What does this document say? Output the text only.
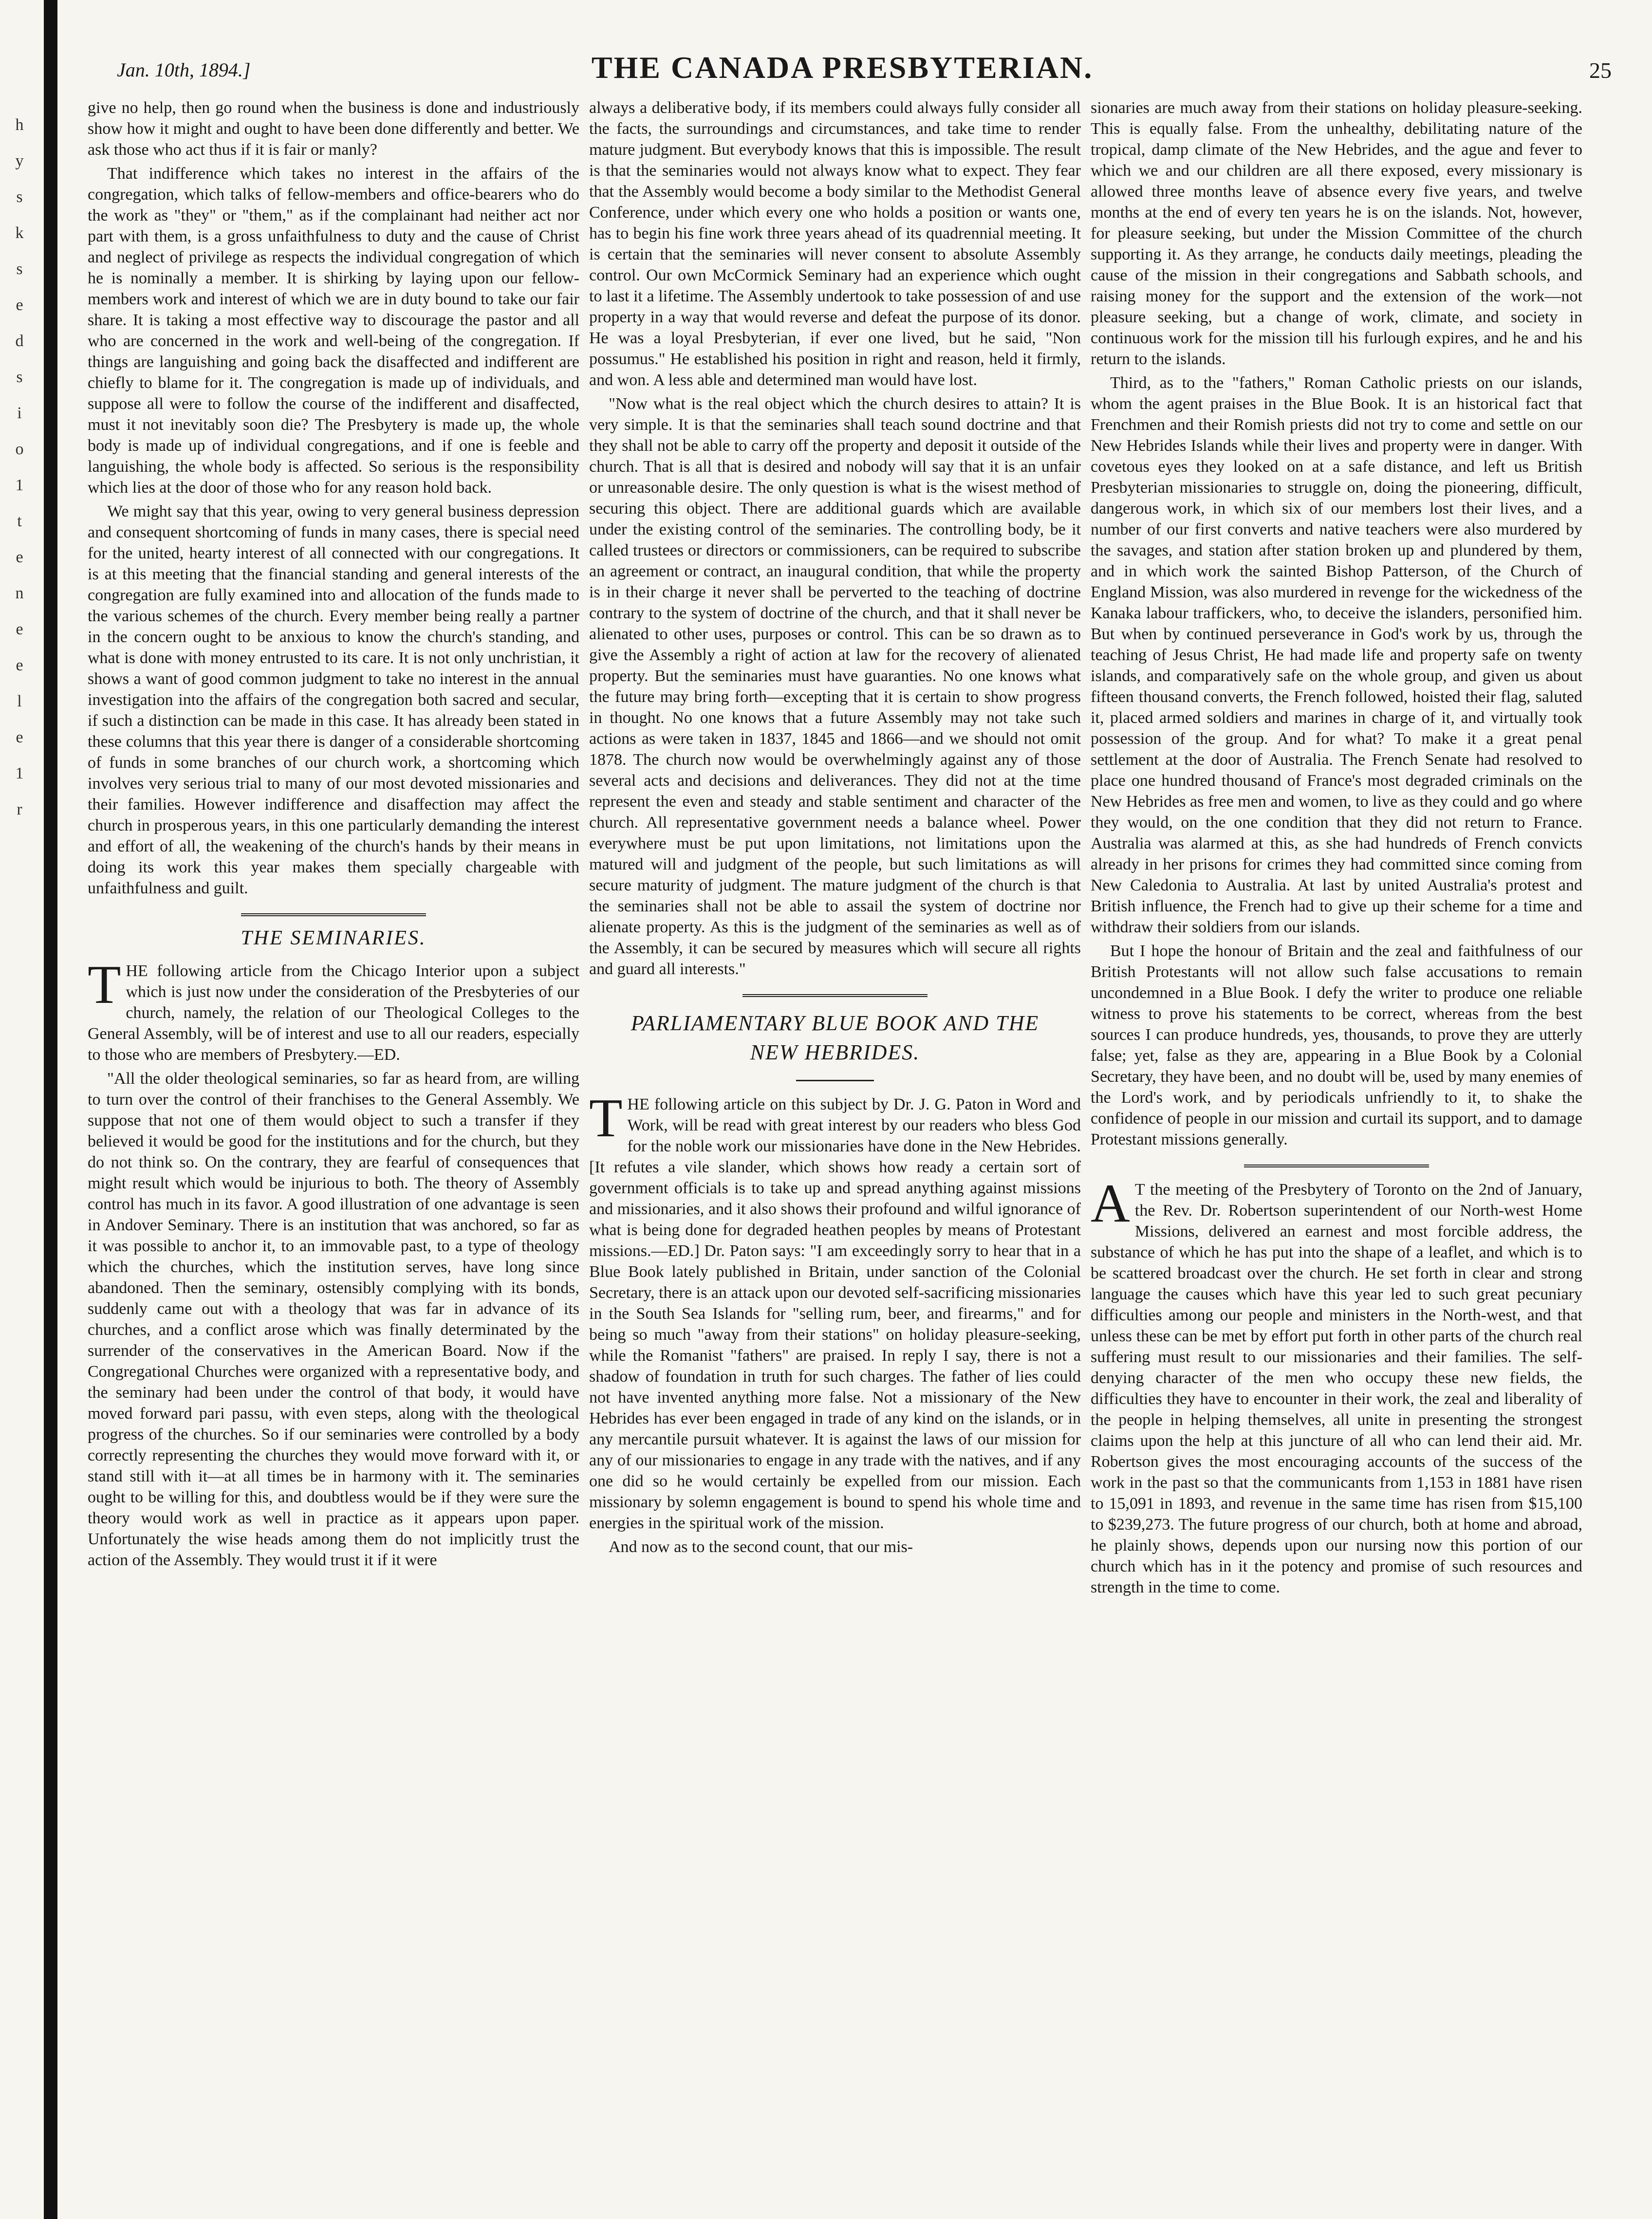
h
y
s
k
s
e
d
s
i
o
1
t
e
n
e
e
l
e
1
r
Jan. 10th, 1894.]	THE CANADA PRESBYTERIAN.	25

give no help, then go round when the business is done and industriously show how it might and ought to have been done differently and better. We ask those who act thus if it is fair or manly?

That indifference which takes no interest in the affairs of the congregation, which talks of fellow-members and office-bearers who do the work as "they" or "them," as if the complainant had neither act nor part with them, is a gross unfaithfulness to duty and the cause of Christ and neglect of privilege as respects the individual congregation of which he is nominally a member. It is shirking by laying upon our fellow-members work and interest of which we are in duty bound to take our fair share. It is taking a most effective way to discourage the pastor and all who are concerned in the work and well-being of the congregation. If things are languishing and going back the disaffected and indifferent are chiefly to blame for it. The congregation is made up of individuals, and suppose all were to follow the course of the indifferent and disaffected, must it not inevitably soon die? The Presbytery is made up, the whole body is made up of individual congregations, and if one is feeble and languishing, the whole body is affected. So serious is the responsibility which lies at the door of those who for any reason hold back.

We might say that this year, owing to very general business depression and consequent shortcoming of funds in many cases, there is special need for the united, hearty interest of all connected with our congregations. It is at this meeting that the financial standing and general interests of the congregation are fully examined into and allocation of the funds made to the various schemes of the church. Every member being really a partner in the concern ought to be anxious to know the church's standing, and what is done with money entrusted to its care. It is not only unchristian, it shows a want of good common judgment to take no interest in the annual investigation into the affairs of the congregation both sacred and secular, if such a distinction can be made in this case. It has already been stated in these columns that this year there is danger of a considerable shortcoming of funds in some branches of our church work, a shortcoming which involves very serious trial to many of our most devoted missionaries and their families. However indifference and disaffection may affect the church in prosperous years, in this one particularly demanding the interest and effort of all, the weakening of the church's hands by their means in doing its work this year makes them specially chargeable with unfaithfulness and guilt.

THE SEMINARIES.

THE following article from the Chicago Interior upon a subject which is just now under the consideration of the Presbyteries of our church, namely, the relation of our Theological Colleges to the General Assembly, will be of interest and use to all our readers, especially to those who are members of Presbytery.—ED.

"All the older theological seminaries, so far as heard from, are willing to turn over the control of their franchises to the General Assembly. We suppose that not one of them would object to such a transfer if they believed it would be good for the institutions and for the church, but they do not think so. On the contrary, they are fearful of consequences that might result which would be injurious to both. The theory of Assembly control has much in its favor. A good illustration of one advantage is seen in Andover Seminary. There is an institution that was anchored, so far as it was possible to anchor it, to an immovable past, to a type of theology which the churches, which the institution serves, have long since abandoned. Then the seminary, ostensibly complying with its bonds, suddenly came out with a theology that was far in advance of its churches, and a conflict arose which was finally determinated by the surrender of the conservatives in the American Board. Now if the Congregational Churches were organized with a representative body, and the seminary had been under the control of that body, it would have moved forward pari passu, with even steps, along with the theological progress of the churches. So if our seminaries were controlled by a body correctly representing the churches they would move forward with it, or stand still with it—at all times be in harmony with it. The seminaries ought to be willing for this, and doubtless would be if they were sure the theory would work as well in practice as it appears upon paper. Unfortunately the wise heads among them do not implicitly trust the action of the Assembly. They would trust it if it were

always a deliberative body, if its members could always fully consider all the facts, the surroundings and circumstances, and take time to render mature judgment. But everybody knows that this is impossible. The result is that the seminaries would not always know what to expect. They fear that the Assembly would become a body similar to the Methodist General Conference, under which every one who holds a position or wants one, has to begin his fine work three years ahead of its quadrennial meeting. It is certain that the seminaries will never consent to absolute Assembly control. Our own McCormick Seminary had an experience which ought to last it a lifetime. The Assembly undertook to take possession of and use property in a way that would reverse and defeat the purpose of its donor. He was a loyal Presbyterian, if ever one lived, but he said, "Non possumus." He established his position in right and reason, held it firmly, and won. A less able and determined man would have lost.

"Now what is the real object which the church desires to attain? It is very simple. It is that the seminaries shall teach sound doctrine and that they shall not be able to carry off the property and deposit it outside of the church. That is all that is desired and nobody will say that it is an unfair or unreasonable desire. The only question is what is the wisest method of securing this object. There are additional guards which are available under the existing control of the seminaries. The controlling body, be it called trustees or directors or commissioners, can be required to subscribe an agreement or contract, an inaugural condition, that while the property is in their charge it never shall be perverted to the teaching of doctrine contrary to the system of doctrine of the church, and that it shall never be alienated to other uses, purposes or control. This can be so drawn as to give the Assembly a right of action at law for the recovery of alienated property. But the seminaries must have guaranties. No one knows what the future may bring forth—excepting that it is certain to show progress in thought. No one knows that a future Assembly may not take such actions as were taken in 1837, 1845 and 1866—and we should not omit 1878. The church now would be overwhelmingly against any of those several acts and decisions and deliverances. They did not at the time represent the even and steady and stable sentiment and character of the church. All representative government needs a balance wheel. Power everywhere must be put upon limitations, not limitations upon the matured will and judgment of the people, but such limitations as will secure maturity of judgment. The mature judgment of the church is that the seminaries shall not be able to assail the system of doctrine nor alienate property. As this is the judgment of the seminaries as well as of the Assembly, it can be secured by measures which will secure all rights and guard all interests."

PARLIAMENTARY BLUE BOOK AND THE NEW HEBRIDES.

THE following article on this subject by Dr. J. G. Paton in Word and Work, will be read with great interest by our readers who bless God for the noble work our missionaries have done in the New Hebrides. [It refutes a vile slander, which shows how ready a certain sort of government officials is to take up and spread anything against missions and missionaries, and it also shows their profound and wilful ignorance of what is being done for degraded heathen peoples by means of Protestant missions.—ED.] Dr. Paton says: "I am exceedingly sorry to hear that in a Blue Book lately published in Britain, under sanction of the Colonial Secretary, there is an attack upon our devoted self-sacrificing missionaries in the South Sea Islands for "selling rum, beer, and firearms," and for being so much "away from their stations" on holiday pleasure-seeking, while the Romanist "fathers" are praised. In reply I say, there is not a shadow of foundation in truth for such charges. The father of lies could not have invented anything more false. Not a missionary of the New Hebrides has ever been engaged in trade of any kind on the islands, or in any mercantile pursuit whatever. It is against the laws of our mission for any of our missionaries to engage in any trade with the natives, and if any one did so he would certainly be expelled from our mission. Each missionary by solemn engagement is bound to spend his whole time and energies in the spiritual work of the mission.

And now as to the second count, that our mis-

sionaries are much away from their stations on holiday pleasure-seeking. This is equally false. From the unhealthy, debilitating nature of the tropical, damp climate of the New Hebrides, and the ague and fever to which we and our children are all there exposed, every missionary is allowed three months leave of absence every five years, and twelve months at the end of every ten years he is on the islands. Not, however, for pleasure seeking, but under the Mission Committee of the church supporting it. As they arrange, he conducts daily meetings, pleading the cause of the mission in their congregations and Sabbath schools, and raising money for the support and the extension of the work—not pleasure seeking, but a change of work, climate, and society in continuous work for the mission till his furlough expires, and he and his return to the islands.

Third, as to the "fathers," Roman Catholic priests on our islands, whom the agent praises in the Blue Book. It is an historical fact that Frenchmen and their Romish priests did not try to come and settle on our New Hebrides Islands while their lives and property were in danger. With covetous eyes they looked on at a safe distance, and left us British Presbyterian missionaries to struggle on, doing the pioneering, difficult, dangerous work, in which six of our members lost their lives, and a number of our first converts and native teachers were also murdered by the savages, and station after station broken up and plundered by them, and in which work the sainted Bishop Patterson, of the Church of England Mission, was also murdered in revenge for the wickedness of the Kanaka labour traffickers, who, to deceive the islanders, personified him. But when by continued perseverance in God's work by us, through the teaching of Jesus Christ, He had made life and property safe on twenty islands, and comparatively safe on the whole group, and given us about fifteen thousand converts, the French followed, hoisted their flag, saluted it, placed armed soldiers and marines in charge of it, and virtually took possession of the group. And for what? To make it a great penal settlement at the door of Australia. The French Senate had resolved to place one hundred thousand of France's most degraded criminals on the New Hebrides as free men and women, to live as they could and go where they would, on the one condition that they did not return to France. Australia was alarmed at this, as she had hundreds of French convicts already in her prisons for crimes they had committed since coming from New Caledonia to Australia. At last by united Australia's protest and British influence, the French had to give up their scheme for a time and withdraw their soldiers from our islands.

But I hope the honour of Britain and the zeal and faithfulness of our British Protestants will not allow such false accusations to remain uncondemned in a Blue Book. I defy the writer to produce one reliable witness to prove his statements to be correct, whereas from the best sources I can produce hundreds, yes, thousands, to prove they are utterly false; yet, false as they are, appearing in a Blue Book by a Colonial Secretary, they have been, and no doubt will be, used by many enemies of the Lord's work, and by periodicals unfriendly to it, to shake the confidence of people in our mission and curtail its support, and to damage Protestant missions generally.

A T the meeting of the Presbytery of Toronto on the 2nd of January, the Rev. Dr. Robertson superintendent of our North-west Home Missions, delivered an earnest and most forcible address, the substance of which he has put into the shape of a leaflet, and which is to be scattered broadcast over the church. He set forth in clear and strong language the causes which have this year led to such great pecuniary difficulties among our people and ministers in the North-west, and that unless these can be met by effort put forth in other parts of the church real suffering must result to our missionaries and their families. The self-denying character of the men who occupy these new fields, the difficulties they have to encounter in their work, the zeal and liberality of the people in helping themselves, all unite in presenting the strongest claims upon the help at this juncture of all who can lend their aid. Mr. Robertson gives the most encouraging accounts of the success of the work in the past so that the communicants from 1,153 in 1881 have risen to 15,091 in 1893, and revenue in the same time has risen from $15,100 to $239,273. The future progress of our church, both at home and abroad, he plainly shows, depends upon our nursing now this portion of our church which has in it the potency and promise of such resources and strength in the time to come.
